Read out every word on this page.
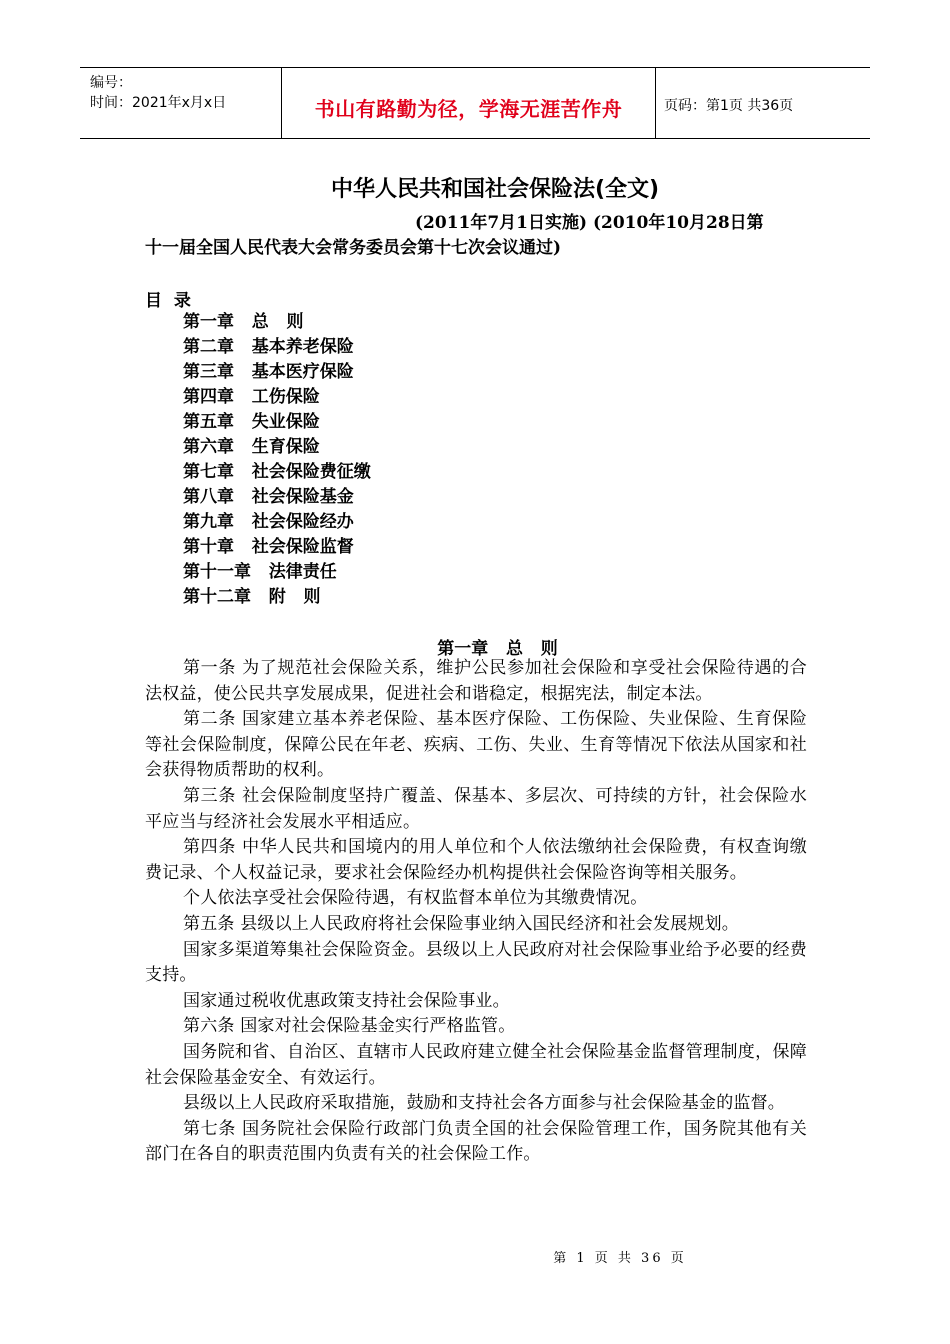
编号：
时间：2021年x月x日	书山有路勤为径，学海无涯苦作舟	页码：第1页 共36页
中华人民共和国社会保险法(全文)
(2011年7月1日实施) (2010年10月28日第
十一届全国人民代表大会常务委员会第十七次会议通过)
目  录
第一章   总   则
第二章   基本养老保险
第三章   基本医疗保险
第四章   工伤保险
第五章   失业保险
第六章   生育保险
第七章   社会保险费征缴
第八章   社会保险基金
第九章   社会保险经办
第十章   社会保险监督
第十一章   法律责任
第十二章   附   则
第一章   总   则

第一条 为了规范社会保险关系，维护公民参加社会保险和享受社会保险待遇的合法权益，使公民共享发展成果，促进社会和谐稳定，根据宪法，制定本法。

第二条 国家建立基本养老保险、基本医疗保险、工伤保险、失业保险、生育保险等社会保险制度，保障公民在年老、疾病、工伤、失业、生育等情况下依法从国家和社会获得物质帮助的权利。

第三条 社会保险制度坚持广覆盖、保基本、多层次、可持续的方针，社会保险水平应当与经济社会发展水平相适应。

第四条 中华人民共和国境内的用人单位和个人依法缴纳社会保险费，有权查询缴费记录、个人权益记录，要求社会保险经办机构提供社会保险咨询等相关服务。

个人依法享受社会保险待遇，有权监督本单位为其缴费情况。

第五条 县级以上人民政府将社会保险事业纳入国民经济和社会发展规划。

国家多渠道筹集社会保险资金。县级以上人民政府对社会保险事业给予必要的经费支持。

国家通过税收优惠政策支持社会保险事业。

第六条 国家对社会保险基金实行严格监管。

国务院和省、自治区、直辖市人民政府建立健全社会保险基金监督管理制度，保障社会保险基金安全、有效运行。

县级以上人民政府采取措施，鼓励和支持社会各方面参与社会保险基金的监督。

第七条 国务院社会保险行政部门负责全国的社会保险管理工作，国务院其他有关部门在各自的职责范围内负责有关的社会保险工作。

第 1 页 共 36 页
